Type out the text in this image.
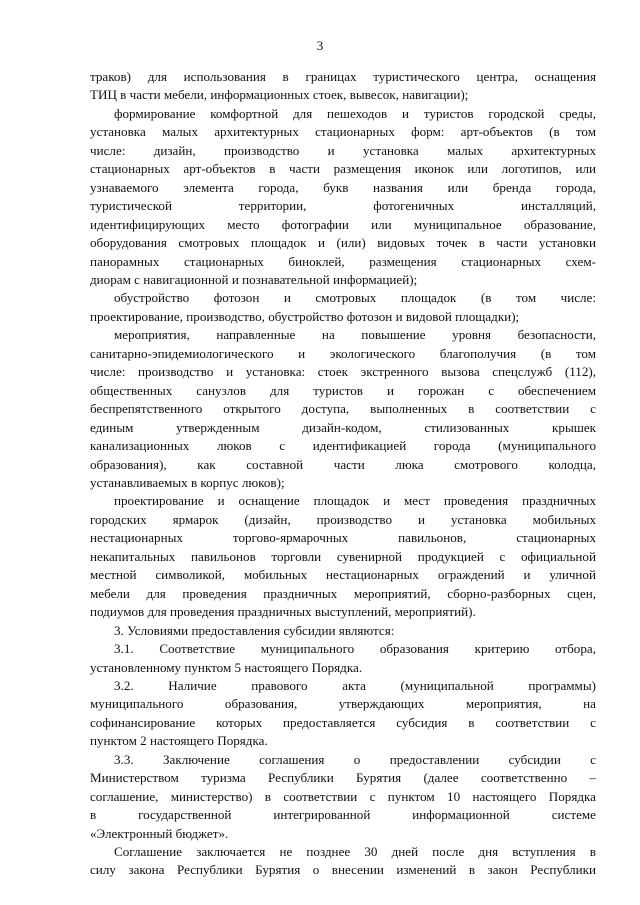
3

траков) для использования в границах туристического центра, оснащения

ТИЦ в части мебели, информационных стоек, вывесок, навигации);

формирование комфортной для пешеходов и туристов городской среды,

установка малых архитектурных стационарных форм: арт-объектов (в том

числе: дизайн, производство и установка малых архитектурных

стационарных арт-объектов в части размещения иконок или логотипов, или

узнаваемого элемента города, букв названия или бренда города,

туристической территории, фотогеничных инсталляций,

идентифицирующих место фотографии или муниципальное образование,

оборудования смотровых площадок и (или) видовых точек в части установки

панорамных стационарных биноклей, размещения стационарных схем-

диорам с навигационной и познавательной информацией);

обустройство фотозон и смотровых площадок (в том числе:

проектирование, производство, обустройство фотозон и видовой площадки);

мероприятия, направленные на повышение уровня безопасности,

санитарно-эпидемиологического и экологического благополучия (в том

числе: производство и установка: стоек экстренного вызова спецслужб (112),

общественных санузлов для туристов и горожан с обеспечением

беспрепятственного открытого доступа, выполненных в соответствии с

единым утвержденным дизайн-кодом, стилизованных крышек

канализационных люков с идентификацией города (муниципального

образования), как составной части люка смотрового колодца,

устанавливаемых в корпус люков);

проектирование и оснащение площадок и мест проведения праздничных

городских ярмарок (дизайн, производство и установка мобильных

нестационарных торгово-ярмарочных павильонов, стационарных

некапитальных павильонов торговли сувенирной продукцией с официальной

местной символикой, мобильных нестационарных ограждений и уличной

мебели для проведения праздничных мероприятий, сборно-разборных сцен,

подиумов для проведения праздничных выступлений, мероприятий).

3. Условиями предоставления субсидии являются:

3.1. Соответствие муниципального образования критерию отбора,

установленному пунктом 5 настоящего Порядка.

3.2. Наличие правового акта (муниципальной программы)

муниципального образования, утверждающих мероприятия, на

софинансирование которых предоставляется субсидия в соответствии с

пунктом 2 настоящего Порядка.

3.3. Заключение соглашения о предоставлении субсидии с

Министерством туризма Республики Бурятия (далее соответственно –

соглашение, министерство) в соответствии с пунктом 10 настоящего Порядка

в государственной интегрированной информационной системе

«Электронный бюджет».

Соглашение заключается не позднее 30 дней после дня вступления в

силу закона Республики Бурятия о внесении изменений в закон Республики
